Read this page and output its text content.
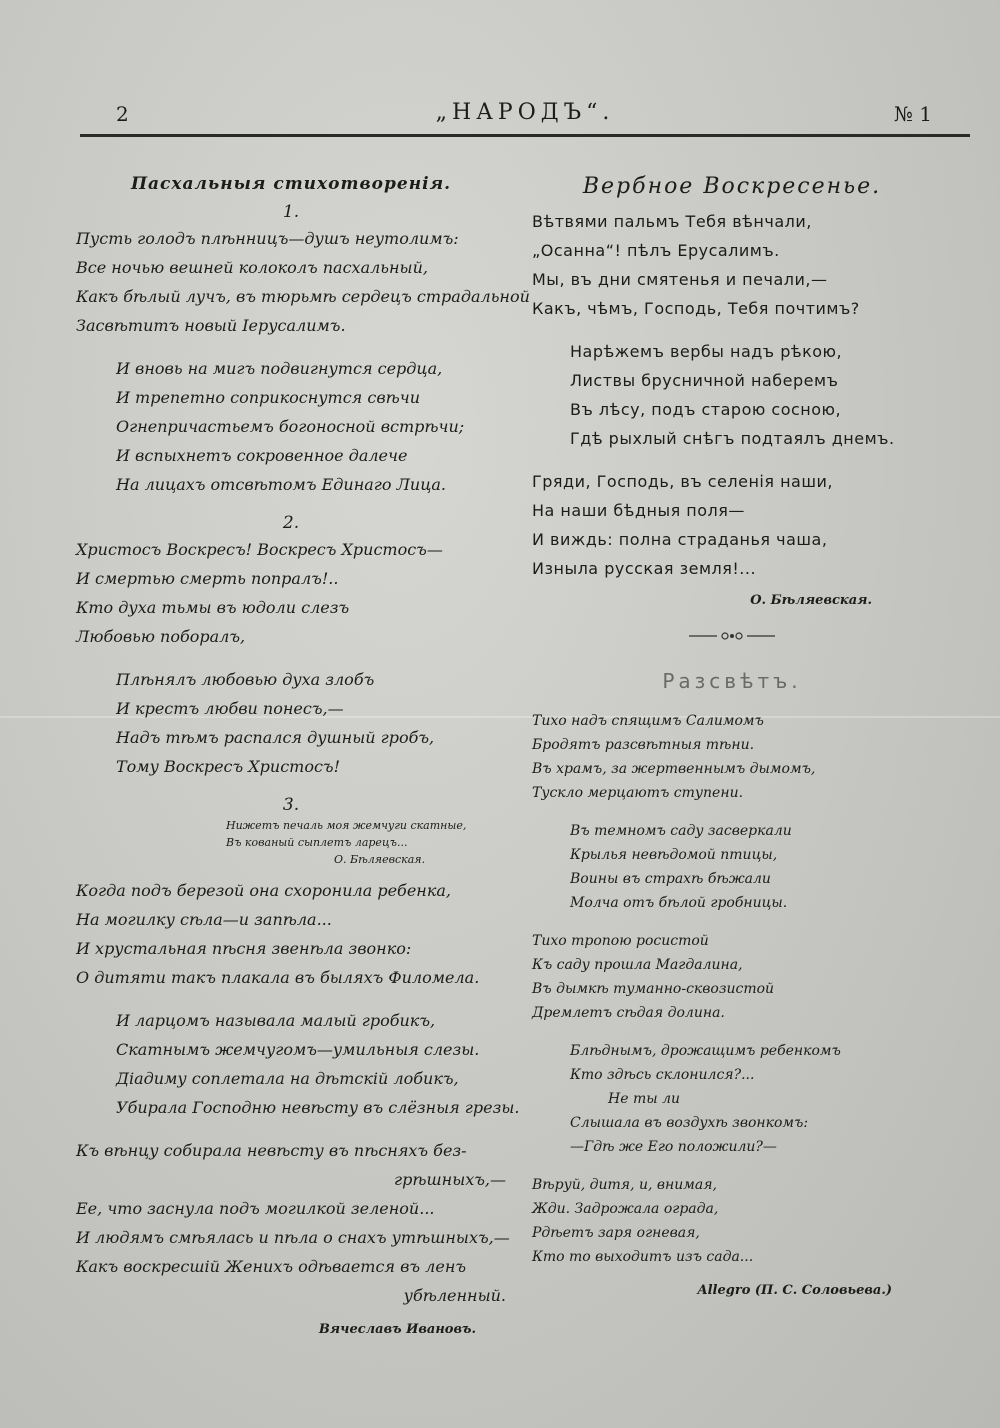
2	„НАРОДЪ“.	№ 1
Пасхальныя стихотворенія.
1.
Пусть голодъ плѣнницъ—душъ неутолимъ:
Все ночью вешней колоколъ пасхальный,
Какъ бѣлый лучъ, въ тюрьмѣ сердецъ страдальной
Засвѣтитъ новый Іерусалимъ.
И вновь на мигъ подвигнутся сердца,
И трепетно соприкоснутся свѣчи
Огнепричастьемъ богоносной встрѣчи;
И вспыхнетъ сокровенное далече
На лицахъ отсвѣтомъ Единаго Лица.
2.
Христосъ Воскресъ! Воскресъ Христосъ—
И смертью смерть попралъ!..
Кто духа тьмы въ юдоли слезъ
Любовью поборалъ,
Плѣнялъ любовью духа злобъ
И крестъ любви понесъ,—
Надъ тѣмъ распался душный гробъ,
Тому Воскресъ Христосъ!
3.
Нижетъ печаль моя жемчуги скатные,
Въ кованый сыплетъ ларецъ...
О. Бѣляевская.
Когда подъ березой она схоронила ребенка,
На могилку сѣла—и запѣла...
И хрустальная пѣсня звенѣла звонко:
О дитяти такъ плакала въ быляхъ Филомела.
И ларцомъ называла малый гробикъ,
Скатнымъ жемчугомъ—умильныя слезы.
Діадиму соплетала на дѣтскій лобикъ,
Убирала Господню невѣсту въ слёзныя грезы.
Къ вѣнцу собирала невѣсту въ пѣсняхъ без-
грѣшныхъ,—
Ее, что заснула подъ могилкой зеленой...
И людямъ смѣялась и пѣла о снахъ утѣшныхъ,—
Какъ воскресшій Женихъ одѣвается въ ленъ
убѣленный.
Вячеславъ Ивановъ.
Вербное Воскресенье.
Вѣтвями пальмъ Тебя вѣнчали,
„Осанна“! пѣлъ Ерусалимъ.
Мы, въ дни смятенья и печали,—
Какъ, чѣмъ, Господь, Тебя почтимъ?
Нарѣжемъ вербы надъ рѣкою,
Листвы брусничной наберемъ
Въ лѣсу, подъ старою сосною,
Гдѣ рыхлый снѣгъ подтаялъ днемъ.
Гряди, Господь, въ селенія наши,
На наши бѣдныя поля—
И виждь: полна страданья чаша,
Изныла русская земля!...
О. Бѣляевская.
Разсвѣтъ.
Тихо надъ спящимъ Салимомъ
Бродятъ разсвѣтныя тѣни.
Въ храмъ, за жертвеннымъ дымомъ,
Тускло мерцаютъ ступени.
Въ темномъ саду засверкали
Крылья невѣдомой птицы,
Воины въ страхѣ бѣжали
Молча отъ бѣлой гробницы.
Тихо тропою росистой
Къ саду прошла Магдалина,
Въ дымкѣ туманно-сквозистой
Дремлетъ сѣдая долина.
Блѣднымъ, дрожащимъ ребенкомъ
Кто здѣсь склонился?...
Не ты ли
Слышала въ воздухѣ звонкомъ:
—Гдѣ же Его положили?—
Вѣруй, дитя, и, внимая,
Жди. Задрожала ограда,
Рдѣетъ заря огневая,
Кто то выходитъ изъ сада...
Allegro (П. С. Соловьева.)
